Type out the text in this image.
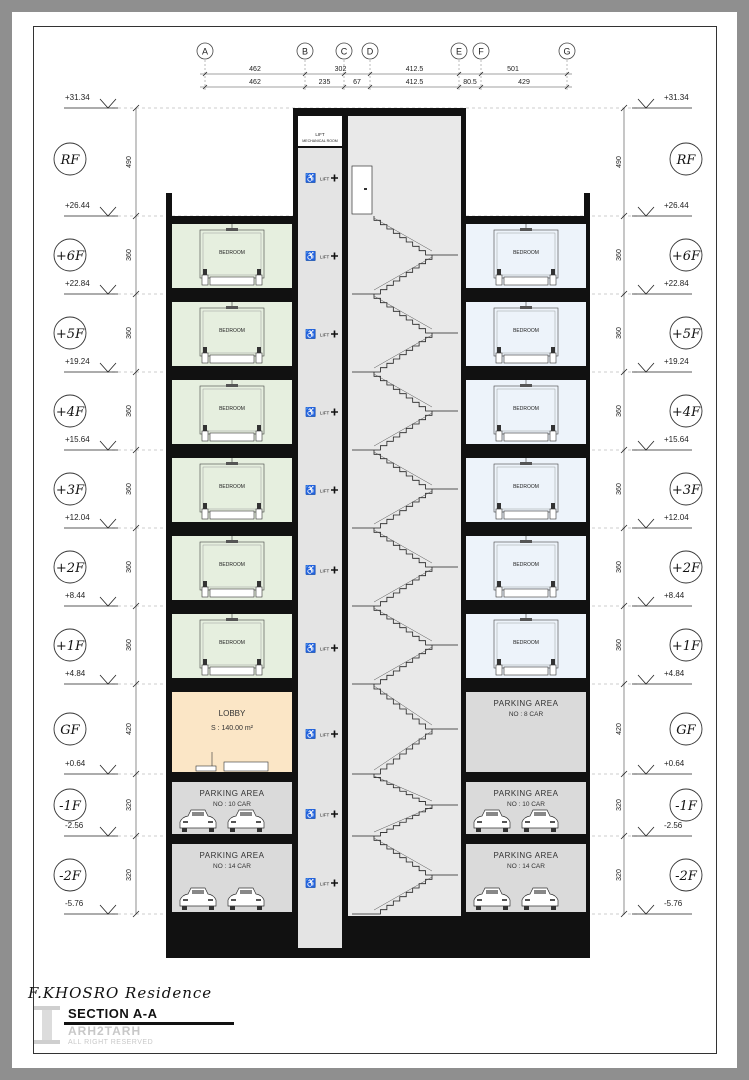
A	B	C D	E F	G
462	302	412.5	501
462	235	67	412.5	80.5	429
+31.34	+31.34
+26.44	+26.44
+22.84	+22.84
+19.24	+19.24
+15.64	+15.64
+12.04	+12.04
+8.44	+8.44
+4.84	+4.84
+0.64	+0.64
-2.56	-2.56
-5.76	-5.76
RF	RF
490	490
+6F	+6F
360	360
+5F	+5F
360	360
+4F	+4F
360	360
+3F	+3F
360	360
+2F	+2F
360	360
+1F	+1F
360	360
GF	GF
420	420
-1F	-1F
320	320
-2F	-2F
320	320
BEDROOM	BEDROOM
BEDROOM	BEDROOM
BEDROOM	BEDROOM
BEDROOM	BEDROOM
BEDROOM	BEDROOM
BEDROOM	BEDROOM
LOBBY
S : 140.00 m²
PARKING AREA
NO : 8 CAR
PARKING AREA
NO : 10 CAR
PARKING AREA
NO : 10 CAR
PARKING AREA
NO : 14 CAR
PARKING AREA
NO : 14 CAR
LIFT
MECHANICAL ROOM
♿ LIFT
♿ LIFT
♿ LIFT
♿ LIFT
♿ LIFT
♿ LIFT
♿ LIFT
♿ LIFT
♿ LIFT
♿ LIFT
F.KHOSRO Residence
SECTION A-A
ARH2TARH
ALL RIGHT RESERVED
